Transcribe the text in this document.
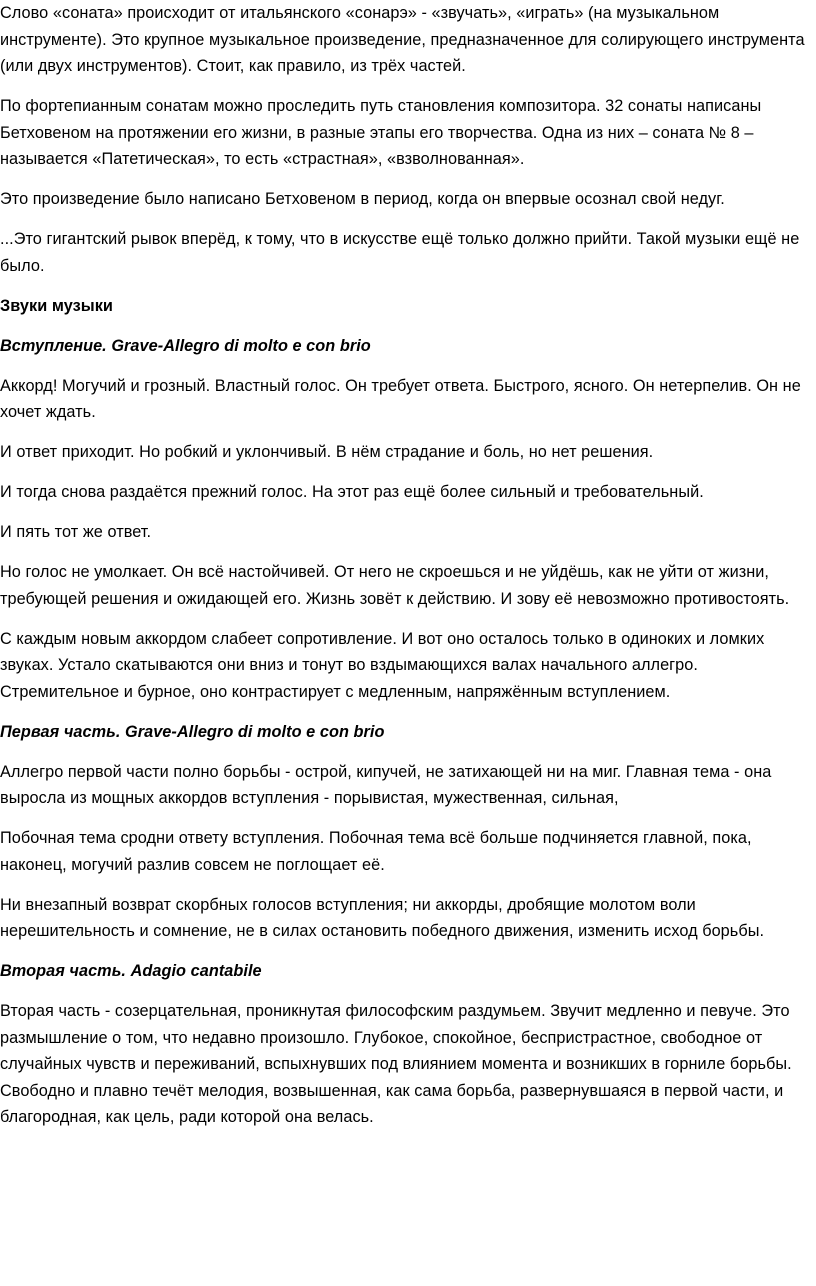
Слово «соната» происходит от итальянского «сонарэ» - «звучать», «играть» (на музыкальном инструменте). Это крупное музыкальное произведение, предназначенное для солирующего инструмента (или двух инструментов). Стоит, как правило, из трёх частей.

По фортепианным сонатам можно проследить путь становления композитора. 32 сонаты написаны Бетховеном на протяжении его жизни, в разные этапы его творчества. Одна из них – соната № 8 – называется «Патетическая», то есть «страстная», «взволнованная».

Это произведение было написано Бетховеном в период, когда он впервые осознал свой недуг.

...Это гигантский рывок вперёд, к тому, что в искусстве ещё только должно прийти. Такой музыки ещё не было.

Звуки музыки

Вступление. Grave-Allegro di molto e con brio

Аккорд! Могучий и грозный. Властный голос. Он требует ответа. Быстрого, ясного. Он нетерпелив. Он не хочет ждать.

И ответ приходит. Но робкий и уклончивый. В нём страдание и боль, но нет решения.

И тогда снова раздаётся прежний голос. На этот раз ещё более сильный и требовательный.

И пять тот же ответ.

Но голос не умолкает. Он всё настойчивей. От него не скроешься и не уйдёшь, как не уйти от жизни, требующей решения и ожидающей его. Жизнь зовёт к действию. И зову её невозможно противостоять.

С каждым новым аккордом слабеет сопротивление. И вот оно осталось только в одиноких и ломких звуках. Устало скатываются они вниз и тонут во вздымающихся валах начального аллегро. Стремительное и бурное, оно контрастирует с медленным, напряжённым вступлением.

Первая часть. Grave-Allegro di molto e con brio

Аллегро первой части полно борьбы - острой, кипучей, не затихающей ни на миг. Главная тема - она выросла из мощных аккордов вступления - порывистая, мужественная, сильная,

Побочная тема сродни ответу вступления. Побочная тема всё больше подчиняется главной, пока, наконец, могучий разлив совсем не поглощает её.

Ни внезапный возврат скорбных голосов вступления; ни аккорды, дробящие молотом воли нерешительность и сомнение, не в силах остановить победного движения, изменить исход борьбы.

Вторая часть. Adagio cantabile

Вторая часть - созерцательная, проникнутая философским раздумьем. Звучит медленно и певуче. Это размышление о том, что недавно произошло. Глубокое, спокойное, беспристрастное, свободное от случайных чувств и переживаний, вспыхнувших под влиянием момента и возникших в горниле борьбы. Свободно и плавно течёт мелодия, возвышенная, как сама борьба, развернувшаяся в первой части, и благородная, как цель, ради которой она велась.
